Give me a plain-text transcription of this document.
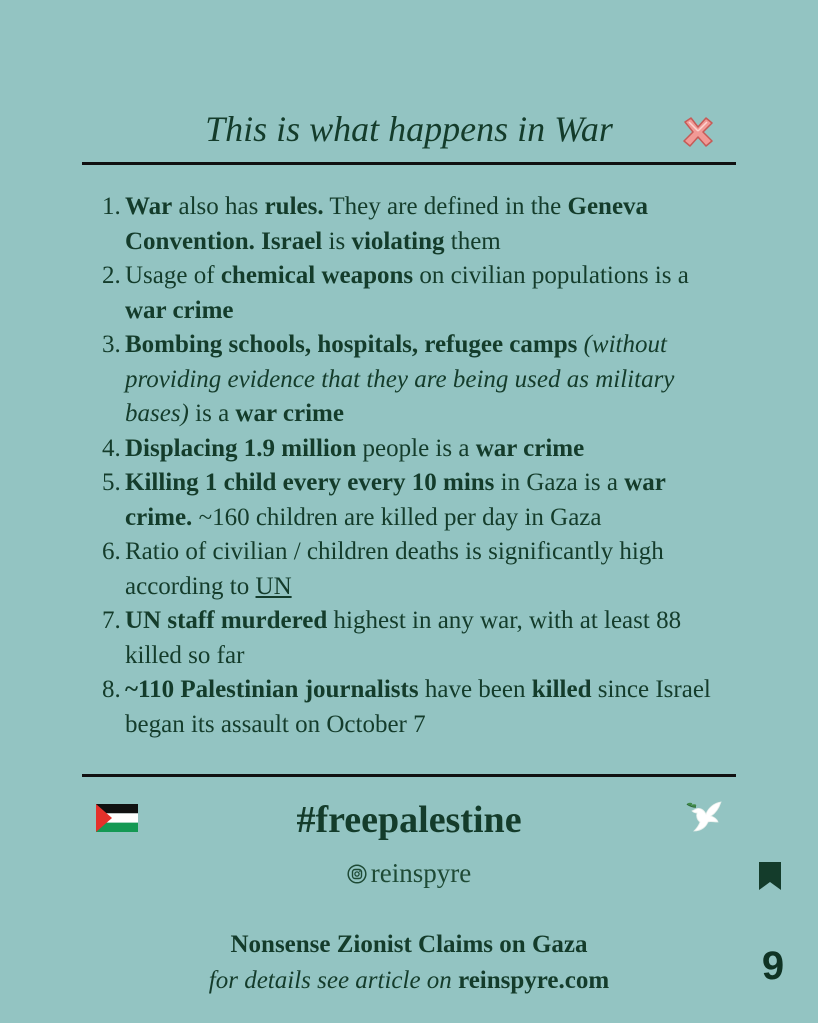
This is what happens in War
1. War also has rules. They are defined in the Geneva Convention. Israel is violating them
2. Usage of chemical weapons on civilian populations is a war crime
3. Bombing schools, hospitals, refugee camps (without providing evidence that they are being used as military bases) is a war crime
4. Displacing 1.9 million people is a war crime
5. Killing 1 child every every 10 mins in Gaza is a war crime. ~160 children are killed per day in Gaza
6. Ratio of civilian / children deaths is significantly high according to UN
7. UN staff murdered highest in any war, with at least 88 killed so far
8. ~110 Palestinian journalists have been killed since Israel began its assault on October 7
#freepalestine
reinspyre
Nonsense Zionist Claims on Gaza
for details see article on reinspyre.com	9
